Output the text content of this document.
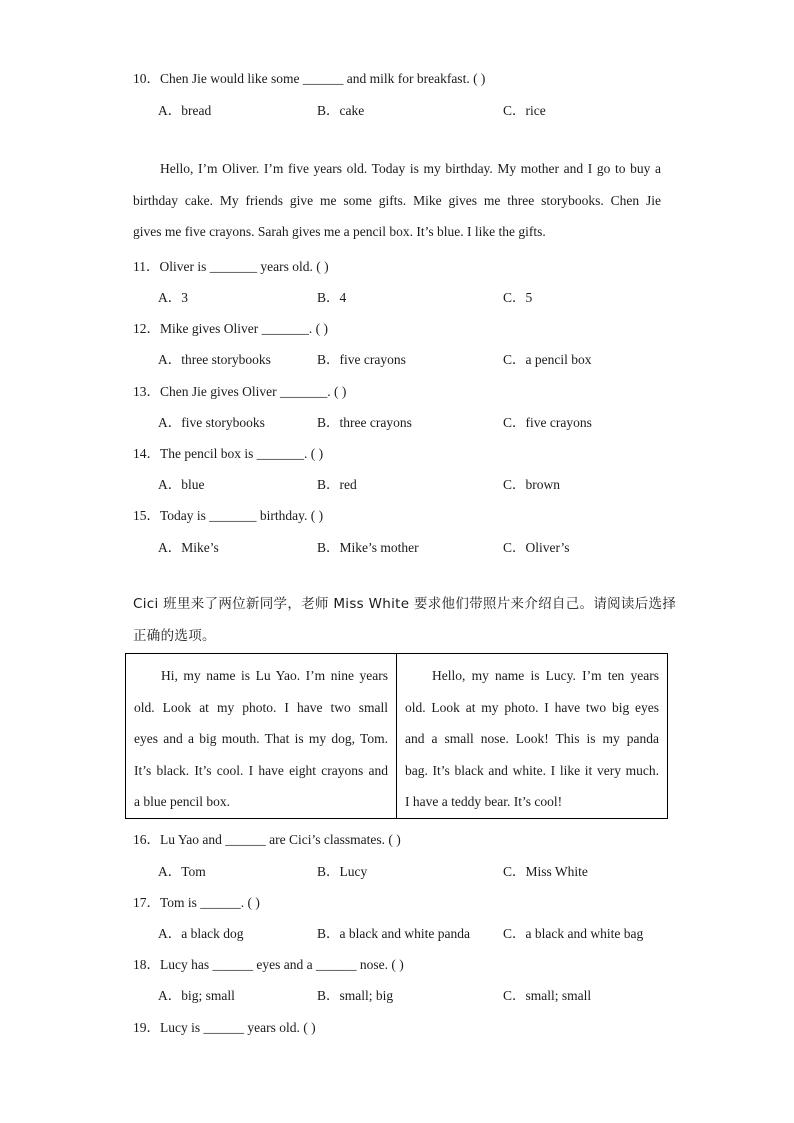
10．Chen Jie would like some ______ and milk for breakfast. ( )
A．bread	B．cake	C．rice
Hello, I’m Oliver. I’m five years old. Today is my birthday. My mother and I go to buy a
birthday cake. My friends give me some gifts. Mike gives me three storybooks. Chen Jie
gives me five crayons. Sarah gives me a pencil box. It’s blue. I like the gifts.
11．Oliver is _______ years old. ( )
A．3	B．4	C．5
12．Mike gives Oliver _______. ( )
A．three storybooks	B．five crayons	C．a pencil box
13．Chen Jie gives Oliver _______. ( )
A．five storybooks	B．three crayons	C．five crayons
14．The pencil box is _______. ( )
A．blue	B．red	C．brown
15．Today is _______ birthday. ( )
A．Mike’s	B．Mike’s mother	C．Oliver’s
Cici 班里来了两位新同学，老师 Miss White 要求他们带照片来介绍自己。请阅读后选择
正确的选项。
Hi, my name is Lu Yao. I’m nine years
old. Look at my photo. I have two small
eyes and a big mouth. That is my dog, Tom.
It’s black. It’s cool. I have eight crayons and
a blue pencil box.
Hello, my name is Lucy. I’m ten years
old. Look at my photo. I have two big eyes
and a small nose. Look! This is my panda
bag. It’s black and white. I like it very much.
I have a teddy bear. It’s cool!
16．Lu Yao and ______ are Cici’s classmates. ( )
A．Tom	B．Lucy	C．Miss White
17．Tom is ______. ( )
A．a black dog	B．a black and white panda C．a black and white bag
18．Lucy has ______ eyes and a ______ nose. ( )
A．big; small	B．small; big	C．small; small
19．Lucy is ______ years old. ( )
